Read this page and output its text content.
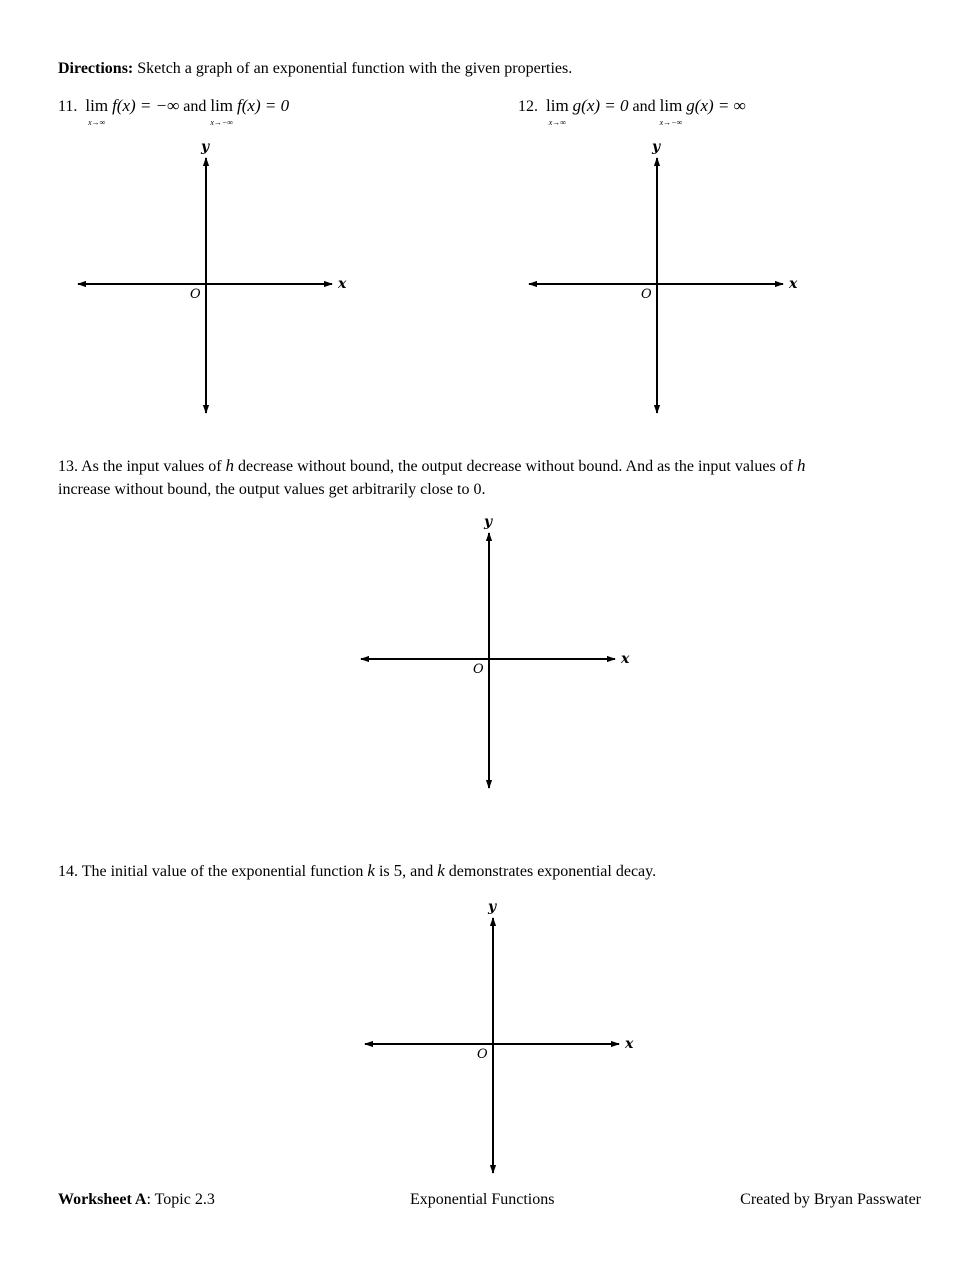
Directions: Sketch a graph of an exponential function with the given properties.
11. lim
x→∞
f(x) = −∞ and lim
x→−∞
f(x) = 0	12. lim
x→∞
g(x) = 0 and lim
x→−∞
g(x) = ∞
y
x
O
y
x
O
13. As the input values of h decrease without bound, the output decrease without bound. And as the input values of h
increase without bound, the output values get arbitrarily close to 0.
y
x
O
14. The initial value of the exponential function k is 5, and k demonstrates exponential decay.
y
x
O
Worksheet A: Topic 2.3	Exponential Functions	Created by Bryan Passwater
